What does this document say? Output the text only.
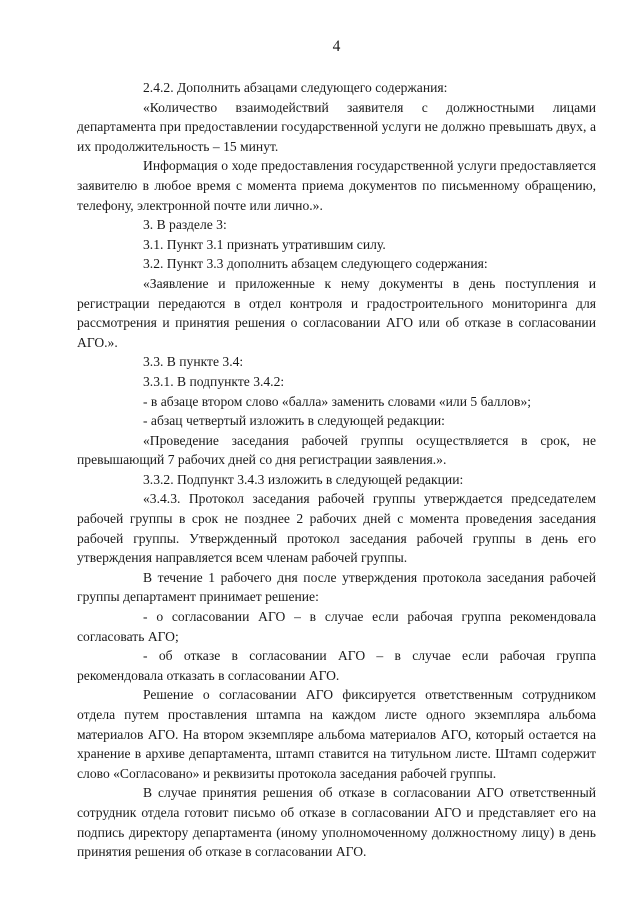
4

2.4.2. Дополнить абзацами следующего содержания:

«Количество взаимодействий заявителя с должностными лицами департамента при предоставлении государственной услуги не должно превышать двух, а их продолжительность – 15 минут.

Информация о ходе предоставления государственной услуги предоставляется заявителю в любое время с момента приема документов по письменному обращению, телефону, электронной почте или лично.».

3. В разделе 3:

3.1. Пункт 3.1 признать утратившим силу.

3.2. Пункт 3.3 дополнить абзацем следующего содержания:

«Заявление и приложенные к нему документы в день поступления и регистрации передаются в отдел контроля и градостроительного мониторинга для рассмотрения и принятия решения о согласовании АГО или об отказе в согласовании АГО.».

3.3. В пункте 3.4:

3.3.1. В подпункте 3.4.2:

- в абзаце втором слово «балла» заменить словами «или 5 баллов»;

- абзац четвертый изложить в следующей редакции:

«Проведение заседания рабочей группы осуществляется в срок, не превышающий 7 рабочих дней со дня регистрации заявления.».

3.3.2. Подпункт 3.4.3 изложить в следующей редакции:

«3.4.3. Протокол заседания рабочей группы утверждается председателем рабочей группы в срок не позднее 2 рабочих дней с момента проведения заседания рабочей группы. Утвержденный протокол заседания рабочей группы в день его утверждения направляется всем членам рабочей группы.

В течение 1 рабочего дня после утверждения протокола заседания рабочей группы департамент принимает решение:

- о согласовании АГО – в случае если рабочая группа рекомендовала согласовать АГО;

- об отказе в согласовании АГО – в случае если рабочая группа рекомендовала отказать в согласовании АГО.

Решение о согласовании АГО фиксируется ответственным сотрудником отдела путем проставления штампа на каждом листе одного экземпляра альбома материалов АГО. На втором экземпляре альбома материалов АГО, который остается на хранение в архиве департамента, штамп ставится на титульном листе. Штамп содержит слово «Согласовано» и реквизиты протокола заседания рабочей группы.

В случае принятия решения об отказе в согласовании АГО ответственный сотрудник отдела готовит письмо об отказе в согласовании АГО и представляет его на подпись директору департамента (иному уполномоченному должностному лицу) в день принятия решения об отказе в согласовании АГО.
